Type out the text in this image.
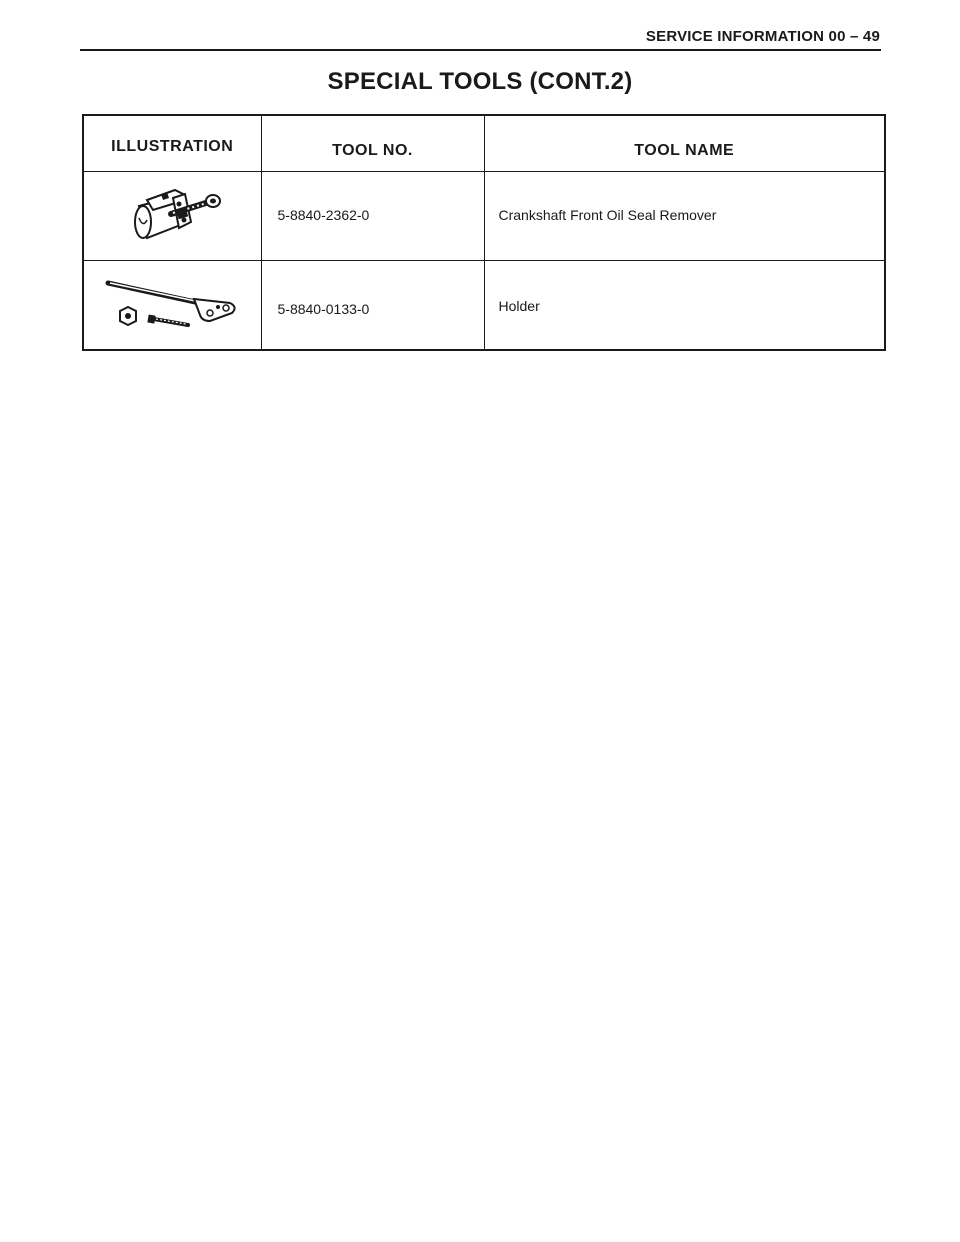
SERVICE INFORMATION 00 – 49
SPECIAL TOOLS (CONT.2)
ILLUSTRATION	TOOL NO.	TOOL NAME

5-8840-2362-0	Crankshaft Front Oil Seal Remover

5-8840-0133-0	Holder
